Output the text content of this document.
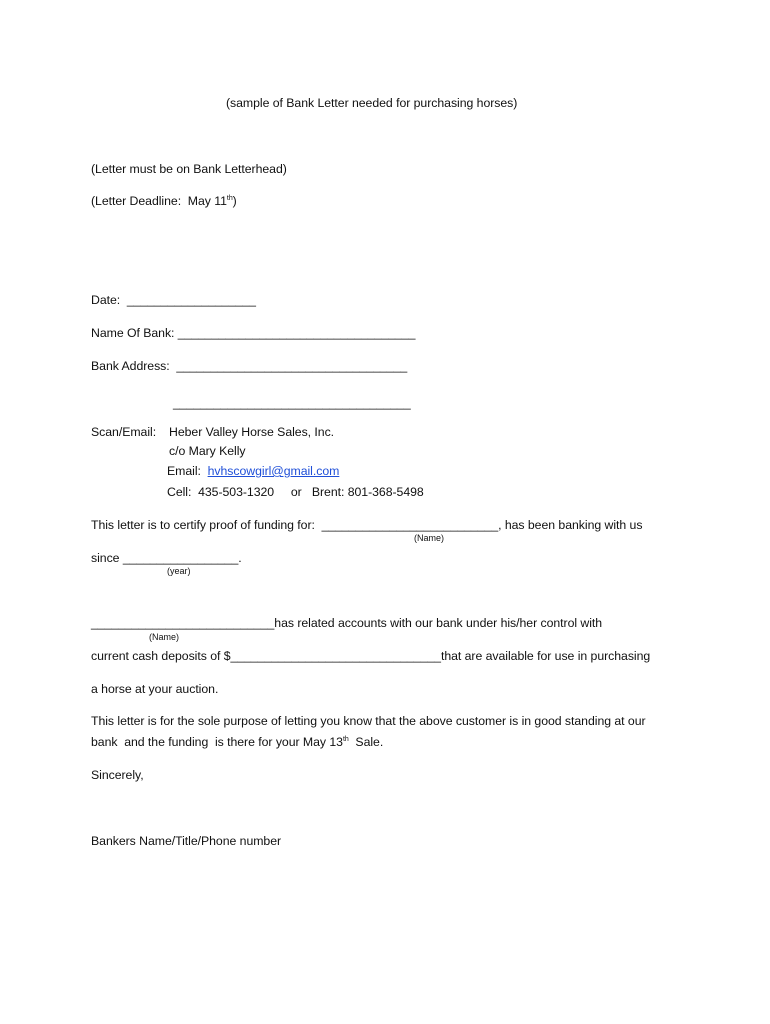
(sample of Bank Letter needed for purchasing horses)
(Letter must be on Bank Letterhead)
(Letter Deadline:  May 11th)
Date:  ___________________
Name Of Bank: ___________________________________
Bank Address:  __________________________________
___________________________________
Scan/Email: Heber Valley Horse Sales, Inc.
c/o Mary Kelly
Email: hvhscowgirl@gmail.com
Cell:  435-503-1320     or   Brent: 801-368-5498
This letter is to certify proof of funding for:  __________________________, has been banking with us
(Name)
since _________________.
(year)
___________________________has related accounts with our bank under his/her control with
(Name)
current cash deposits of $_______________________________that are available for use in purchasing
a horse at your auction.
This letter is for the sole purpose of letting you know that the above customer is in good standing at our
bank  and the funding  is there for your May 13th  Sale.
Sincerely,
Bankers Name/Title/Phone number
